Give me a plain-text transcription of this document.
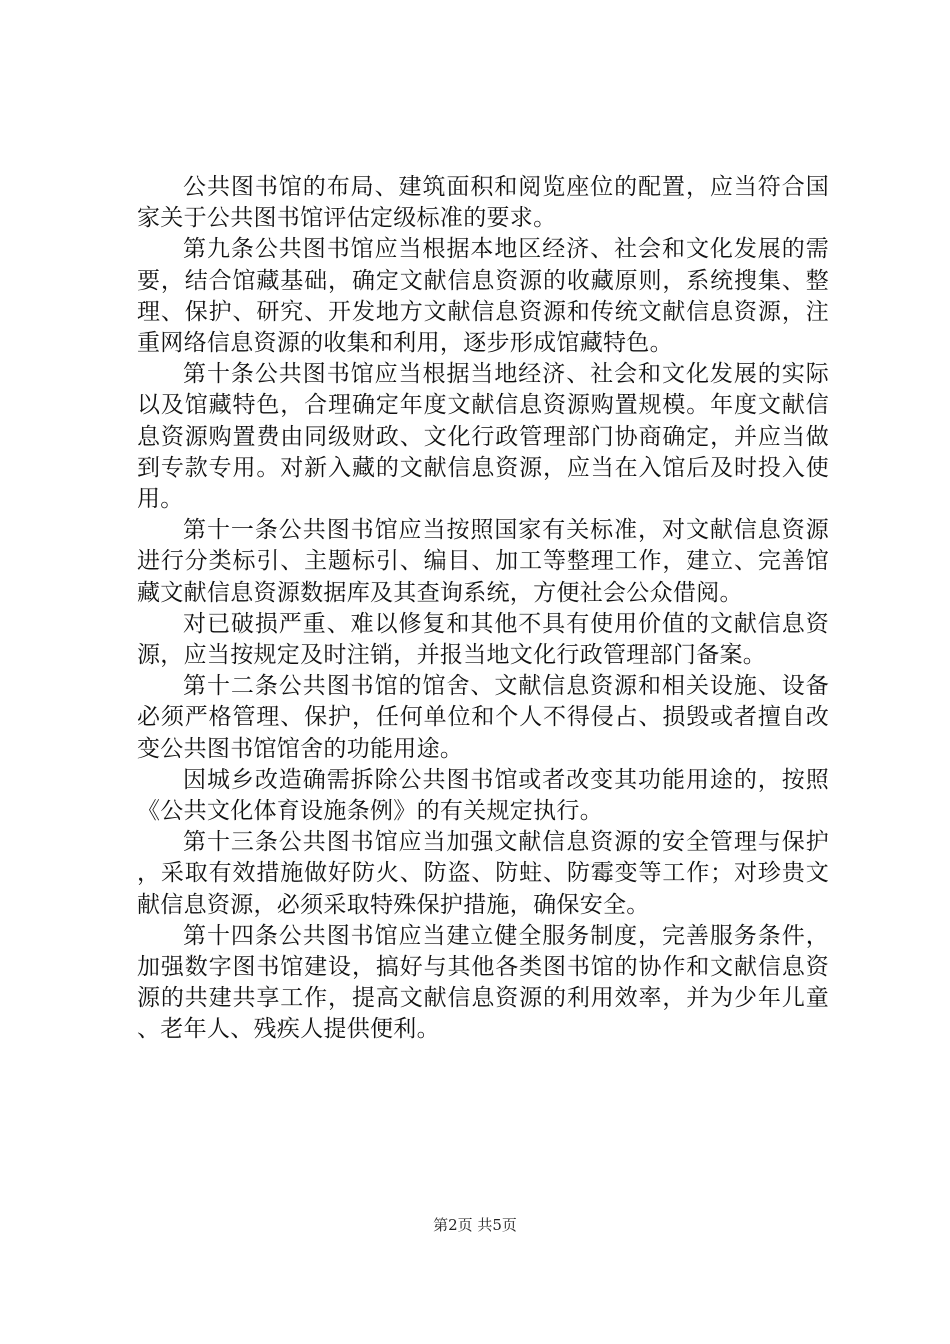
公共图书馆的布局、建筑面积和阅览座位的配置，应当符合国家关于公共图书馆评估定级标准的要求。

第九条公共图书馆应当根据本地区经济、社会和文化发展的需要，结合馆藏基础，确定文献信息资源的收藏原则，系统搜集、整理、保护、研究、开发地方文献信息资源和传统文献信息资源，注重网络信息资源的收集和利用，逐步形成馆藏特色。

第十条公共图书馆应当根据当地经济、社会和文化发展的实际以及馆藏特色，合理确定年度文献信息资源购置规模。年度文献信息资源购置费由同级财政、文化行政管理部门协商确定，并应当做到专款专用。对新入藏的文献信息资源，应当在入馆后及时投入使用。

第十一条公共图书馆应当按照国家有关标准，对文献信息资源进行分类标引、主题标引、编目、加工等整理工作，建立、完善馆藏文献信息资源数据库及其查询系统，方便社会公众借阅。

对已破损严重、难以修复和其他不具有使用价值的文献信息资源，应当按规定及时注销，并报当地文化行政管理部门备案。

第十二条公共图书馆的馆舍、文献信息资源和相关设施、设备必须严格管理、保护，任何单位和个人不得侵占、损毁或者擅自改变公共图书馆馆舍的功能用途。

因城乡改造确需拆除公共图书馆或者改变其功能用途的，按照《公共文化体育设施条例》的有关规定执行。

第十三条公共图书馆应当加强文献信息资源的安全管理与保护，采取有效措施做好防火、防盗、防蛀、防霉变等工作；对珍贵文献信息资源，必须采取特殊保护措施，确保安全。

第十四条公共图书馆应当建立健全服务制度，完善服务条件，加强数字图书馆建设，搞好与其他各类图书馆的协作和文献信息资源的共建共享工作，提高文献信息资源的利用效率，并为少年儿童、老年人、残疾人提供便利。

第2页 共5页
